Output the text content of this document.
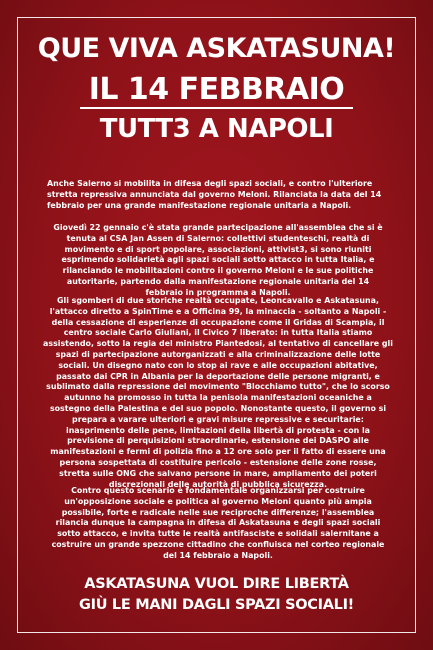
QUE VIVA ASKATASUNA!
IL 14 FEBBRAIO
TUTT3 A NAPOLI

Anche Salerno si mobilita in difesa degli spazi sociali, e contro l'ulteriore stretta repressiva annunciata dal governo Meloni. Rilanciata la data del 14 febbraio per una grande manifestazione regionale unitaria a Napoli.

Giovedì 22 gennaio c'è stata grande partecipazione all'assemblea che si è tenuta al CSA Jan Assen di Salerno: collettivi studenteschi, realtà di movimento e di sport popolare, associazioni, attivist3, si sono riuniti esprimendo solidarietà agli spazi sociali sotto attacco in tutta Italia, e rilanciando le mobilitazioni contro il governo Meloni e le sue politiche autoritarie, partendo dalla manifestazione regionale unitaria del 14 febbraio in programma a Napoli.

Gli sgomberi di due storiche realtà occupate, Leoncavallo e Askatasuna, l'attacco diretto a SpinTime e a Officina 99, la minaccia - soltanto a Napoli - della cessazione di esperienze di occupazione come il Gridas di Scampia, il centro sociale Carlo Giuliani, il Civico 7 liberato: in tutta Italia stiamo assistendo, sotto la regia del ministro Piantedosi, al tentativo di cancellare gli spazi di partecipazione autorganizzati e alla criminalizzazione delle lotte sociali. Un disegno nato con lo stop ai rave e alle occupazioni abitative, passato dai CPR in Albania per la deportazione delle persone migranti, e sublimato dalla repressione del movimento "Blocchiamo tutto", che lo scorso autunno ha promosso in tutta la penisola manifestazioni oceaniche a sostegno della Palestina e del suo popolo. Nonostante questo, il governo si prepara a varare ulteriori e gravi misure repressive e securitarie: inasprimento delle pene, limitazioni della libertà di protesta - con la previsione di perquisizioni straordinarie, estensione dei DASPO alle manifestazioni e fermi di polizia fino a 12 ore solo per il fatto di essere una persona sospettata di costituire pericolo - estensione delle zone rosse, stretta sulle ONG che salvano persone in mare, ampliamento dei poteri discrezionali delle autorità di pubblica sicurezza.

Contro questo scenario è fondamentale organizzarsi per costruire un'opposizione sociale e politica al governo Meloni quanto più ampia possibile, forte e radicale nelle sue reciproche differenze; l'assemblea rilancia dunque la campagna in difesa di Askatasuna e degli spazi sociali sotto attacco, e invita tutte le realtà antifasciste e solidali salernitane a costruire un grande spezzone cittadino che confluisca nel corteo regionale del 14 febbraio a Napoli.

ASKATASUNA VUOL DIRE LIBERTÀ
GIÙ LE MANI DAGLI SPAZI SOCIALI!
